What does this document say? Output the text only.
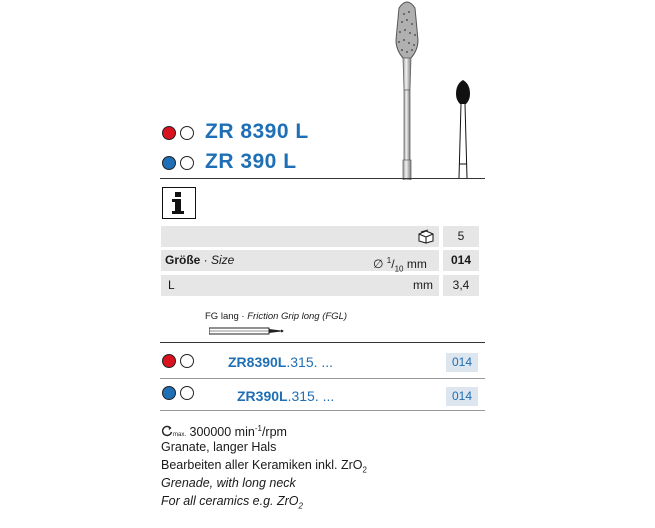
ZR 8390 L
ZR 390 L
5
Größe · Size	∅ $^1/_{10}$ mm	014
L	mm	3,4
FG lang · Friction Grip long (FGL)
ZR8390L.315. ...	014
ZR390L.315. ...	014
max. 300000 $\min^{-1}$/rpm
Granate, langer Hals
Bearbeiten aller Keramiken inkl. ZrO$_2$
Grenade, with long neck
For all ceramics e.g. ZrO$_2$
